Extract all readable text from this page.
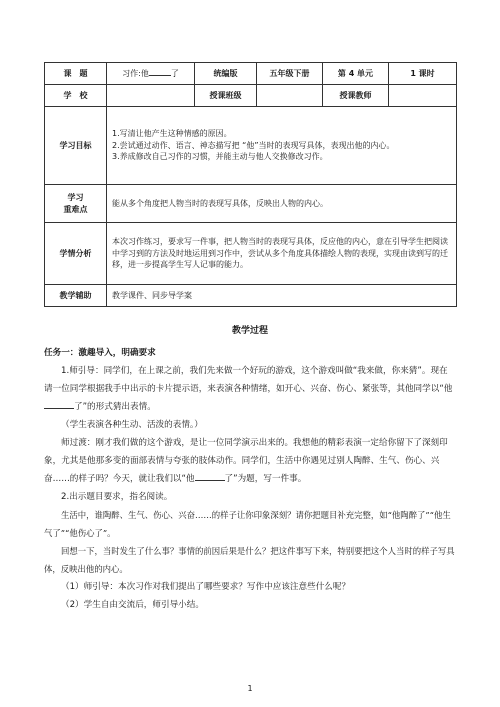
课　题	习作:他 了	统编版	五年级下册	第 4 单元	1 课时
学　校		授课班级		授课教师	
学习目标	1.写清让他产生这种情感的原因。
2.尝试通过动作、语言、神态描写把 “他”当时的表现写具体，表现出他的内心。
3.养成修改自己习作的习惯，并能主动与他人交换修改习作。				

学习
重难点	能从多个角度把人物当时的表现写具体，反映出人物的内心。				
学情分析	本次习作练习，要求写一件事，把人物当时的表现写具体，反应他的内心，意在引导学生把阅读中学习到的方法及时地运用到习作中，尝试从多个角度具体描绘人物的表现，实现由读到写的迁移，进一步提高学生写人记事的能力。				
教学辅助	教学课件、同步导学案				
教学过程

任务一：激趣导入，明确要求

1.师引导：同学们，在上课之前，我们先来做一个好玩的游戏，这个游戏叫做“我来做，你来猜”。现在请一位同学根据我手中出示的卡片提示语，来表演各种情绪，如开心、兴奋、伤心、紧张等，其他同学以“他了”的形式猜出表情。

（学生表演各种生动、活泼的表情。）

师过渡：刚才我们做的这个游戏，是让一位同学演示出来的。我想他的精彩表演一定给你留下了深刻印象，尤其是他那多变的面部表情与夸张的肢体动作。同学们，生活中你遇见过别人陶醉、生气、伤心、兴奋……的样子吗？今天，就让我们以“他	了”为题，写一件事。

2.出示题目要求，指名阅读。

生活中，谁陶醉、生气、伤心、兴奋……的样子让你印象深刻？请你把题目补充完整，如“他陶醉了”“他生气了”“他伤心了”。

回想一下，当时发生了什么事？事情的前因后果是什么？把这件事写下来，特别要把这个人当时的样子写具体，反映出他的内心。

（1）师引导：本次习作对我们提出了哪些要求？写作中应该注意些什么呢？

（2）学生自由交流后，师引导小结。

1
